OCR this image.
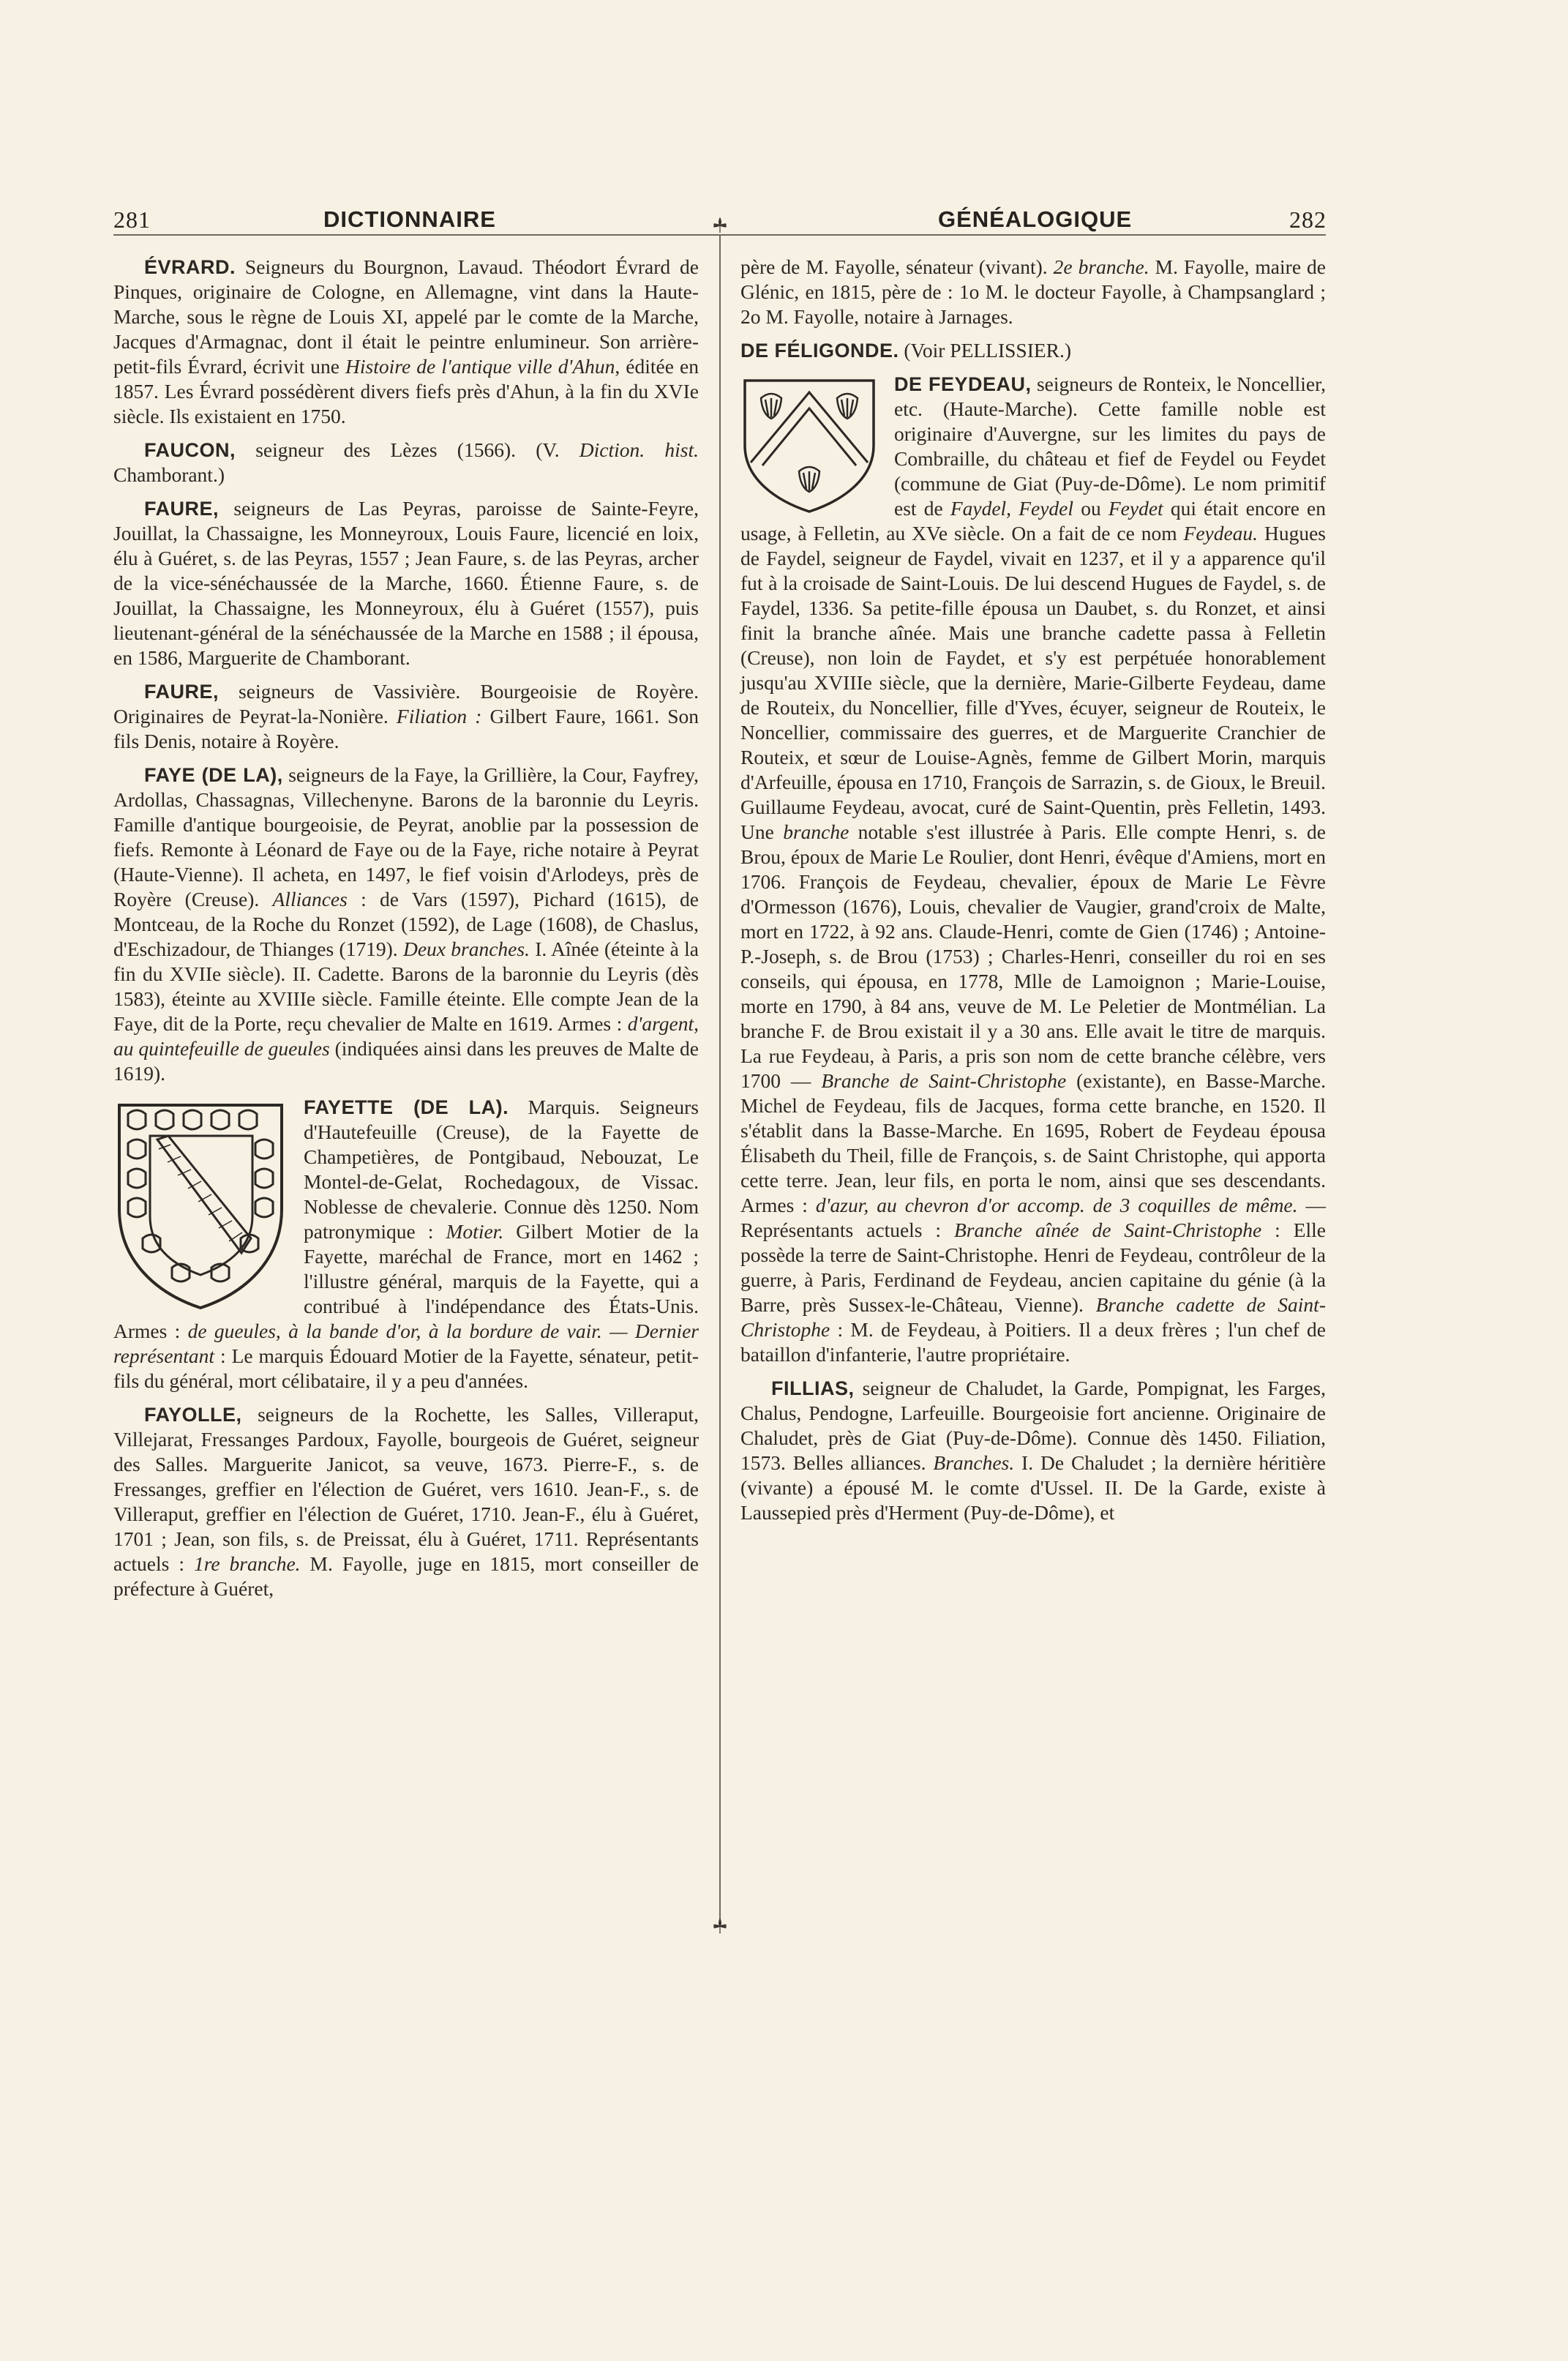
281	DICTIONNAIRE	GÉNÉALOGIQUE	282

ÉVRARD. Seigneurs du Bourgnon, Lavaud. Théodort Évrard de Pinques, originaire de Cologne, en Allemagne, vint dans la Haute-Marche, sous le règne de Louis XI, appelé par le comte de la Marche, Jacques d'Armagnac, dont il était le peintre enlumineur. Son arrière-petit-fils Évrard, écrivit une Histoire de l'antique ville d'Ahun, éditée en 1857. Les Évrard possédèrent divers fiefs près d'Ahun, à la fin du XVIe siècle. Ils existaient en 1750.

FAUCON, seigneur des Lèzes (1566). (V. Diction. hist. Chamborant.)

FAURE, seigneurs de Las Peyras, paroisse de Sainte-Feyre, Jouillat, la Chassaigne, les Monneyroux, Louis Faure, licencié en loix, élu à Guéret, s. de las Peyras, 1557 ; Jean Faure, s. de las Peyras, archer de la vice-sénéchaussée de la Marche, 1660. Étienne Faure, s. de Jouillat, la Chassaigne, les Monneyroux, élu à Guéret (1557), puis lieutenant-général de la sénéchaussée de la Marche en 1588 ; il épousa, en 1586, Marguerite de Chamborant.

FAURE, seigneurs de Vassivière. Bourgeoisie de Royère. Originaires de Peyrat-la-Nonière. Filiation : Gilbert Faure, 1661. Son fils Denis, notaire à Royère.

FAYE (DE LA), seigneurs de la Faye, la Grillière, la Cour, Fayfrey, Ardollas, Chassagnas, Villechenyne. Barons de la baronnie du Leyris. Famille d'antique bourgeoisie, de Peyrat, anoblie par la possession de fiefs. Remonte à Léonard de Faye ou de la Faye, riche notaire à Peyrat (Haute-Vienne). Il acheta, en 1497, le fief voisin d'Arlodeys, près de Royère (Creuse). Alliances : de Vars (1597), Pichard (1615), de Montceau, de la Roche du Ronzet (1592), de Lage (1608), de Chaslus, d'Eschizadour, de Thianges (1719). Deux branches. I. Aînée (éteinte à la fin du XVIIe siècle). II. Cadette. Barons de la baronnie du Leyris (dès 1583), éteinte au XVIIIe siècle. Famille éteinte. Elle compte Jean de la Faye, dit de la Porte, reçu chevalier de Malte en 1619. Armes : d'argent, au quintefeuille de gueules (indiquées ainsi dans les preuves de Malte de 1619).

FAYETTE (DE LA). Marquis. Seigneurs d'Hautefeuille (Creuse), de la Fayette de Champetières, de Pontgibaud, Nebouzat, Le Montel-de-Gelat, Rochedagoux, de Vissac. Noblesse de chevalerie. Connue dès 1250. Nom patronymique : Motier. Gilbert Motier de la Fayette, maréchal de France, mort en 1462 ; l'illustre général, marquis de la Fayette, qui a contribué à l'indépendance des États-Unis. Armes : de gueules, à la bande d'or, à la bordure de vair. — Dernier représentant : Le marquis Édouard Motier de la Fayette, sénateur, petit-fils du général, mort célibataire, il y a peu d'années.

FAYOLLE, seigneurs de la Rochette, les Salles, Villeraput, Villejarat, Fressanges Pardoux, Fayolle, bourgeois de Guéret, seigneur des Salles. Marguerite Janicot, sa veuve, 1673. Pierre-F., s. de Fressanges, greffier en l'élection de Guéret, vers 1610. Jean-F., s. de Villeraput, greffier en l'élection de Guéret, 1710. Jean-F., élu à Guéret, 1701 ; Jean, son fils, s. de Preissat, élu à Guéret, 1711. Représentants actuels : 1re branche. M. Fayolle, juge en 1815, mort conseiller de préfecture à Guéret,

père de M. Fayolle, sénateur (vivant). 2e branche. M. Fayolle, maire de Glénic, en 1815, père de : 1o M. le docteur Fayolle, à Champsanglard ; 2o M. Fayolle, notaire à Jarnages.

DE FÉLIGONDE. (Voir PELLISSIER.)

DE FEYDEAU, seigneurs de Ronteix, le Noncellier, etc. (Haute-Marche). Cette famille noble est originaire d'Auvergne, sur les limites du pays de Combraille, du château et fief de Feydel ou Feydet (commune de Giat (Puy-de-Dôme). Le nom primitif est de Faydel, Feydel ou Feydet qui était encore en usage, à Felletin, au XVe siècle. On a fait de ce nom Feydeau. Hugues de Faydel, seigneur de Faydel, vivait en 1237, et il y a apparence qu'il fut à la croisade de Saint-Louis. De lui descend Hugues de Faydel, s. de Faydel, 1336. Sa petite-fille épousa un Daubet, s. du Ronzet, et ainsi finit la branche aînée. Mais une branche cadette passa à Felletin (Creuse), non loin de Faydet, et s'y est perpétuée honorablement jusqu'au XVIIIe siècle, que la dernière, Marie-Gilberte Feydeau, dame de Routeix, du Noncellier, fille d'Yves, écuyer, seigneur de Routeix, le Noncellier, commissaire des guerres, et de Marguerite Cranchier de Routeix, et sœur de Louise-Agnès, femme de Gilbert Morin, marquis d'Arfeuille, épousa en 1710, François de Sarrazin, s. de Gioux, le Breuil. Guillaume Feydeau, avocat, curé de Saint-Quentin, près Felletin, 1493. Une branche notable s'est illustrée à Paris. Elle compte Henri, s. de Brou, époux de Marie Le Roulier, dont Henri, évêque d'Amiens, mort en 1706. François de Feydeau, chevalier, époux de Marie Le Fèvre d'Ormesson (1676), Louis, chevalier de Vaugier, grand'croix de Malte, mort en 1722, à 92 ans. Claude-Henri, comte de Gien (1746) ; Antoine-P.-Joseph, s. de Brou (1753) ; Charles-Henri, conseiller du roi en ses conseils, qui épousa, en 1778, Mlle de Lamoignon ; Marie-Louise, morte en 1790, à 84 ans, veuve de M. Le Peletier de Montmélian. La branche F. de Brou existait il y a 30 ans. Elle avait le titre de marquis. La rue Feydeau, à Paris, a pris son nom de cette branche célèbre, vers 1700 — Branche de Saint-Christophe (existante), en Basse-Marche. Michel de Feydeau, fils de Jacques, forma cette branche, en 1520. Il s'établit dans la Basse-Marche. En 1695, Robert de Feydeau épousa Élisabeth du Theil, fille de François, s. de Saint Christophe, qui apporta cette terre. Jean, leur fils, en porta le nom, ainsi que ses descendants. Armes : d'azur, au chevron d'or accomp. de 3 coquilles de même. — Représentants actuels : Branche aînée de Saint-Christophe : Elle possède la terre de Saint-Christophe. Henri de Feydeau, contrôleur de la guerre, à Paris, Ferdinand de Feydeau, ancien capitaine du génie (à la Barre, près Sussex-le-Château, Vienne). Branche cadette de Saint-Christophe : M. de Feydeau, à Poitiers. Il a deux frères ; l'un chef de bataillon d'infanterie, l'autre propriétaire.

FILLIAS, seigneur de Chaludet, la Garde, Pompignat, les Farges, Chalus, Pendogne, Larfeuille. Bourgeoisie fort ancienne. Originaire de Chaludet, près de Giat (Puy-de-Dôme). Connue dès 1450. Filiation, 1573. Belles alliances. Branches. I. De Chaludet ; la dernière héritière (vivante) a épousé M. le comte d'Ussel. II. De la Garde, existe à Laussepied près d'Herment (Puy-de-Dôme), et
